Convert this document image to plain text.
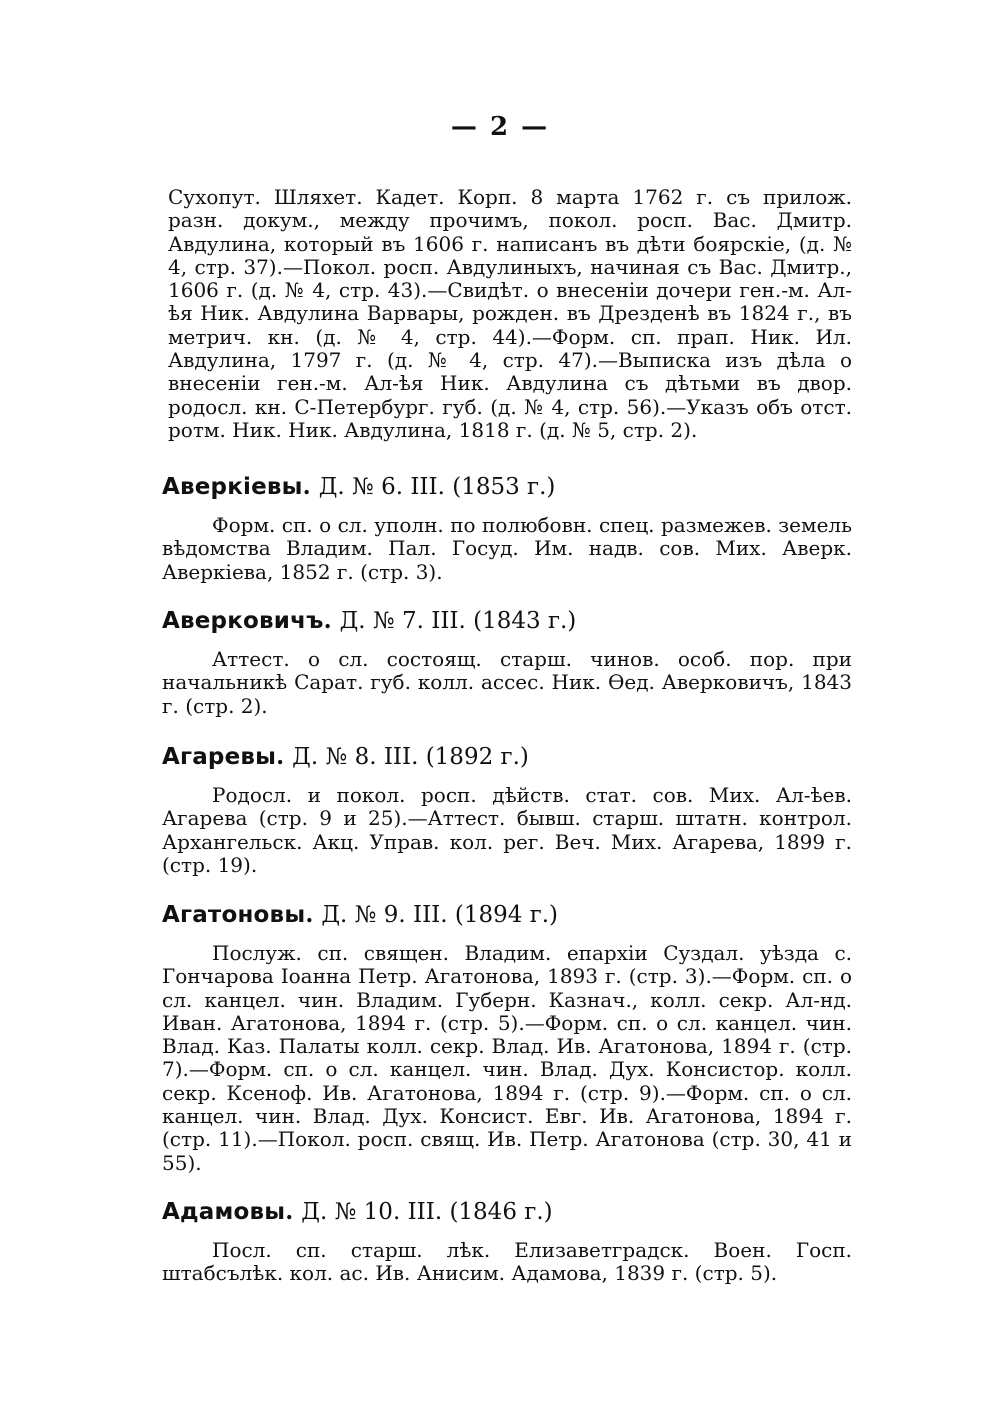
— 2 —

Сухопут. Шляхет. Кадет. Корп. 8 марта 1762 г. съ прилож. разн. докум., между прочимъ, покол. росп. Вас. Дмитр. Авдулина, который въ 1606 г. написанъ въ дѣти боярскіе, (д. № 4, стр. 37).—Покол. росп. Авдулиныхъ, начиная съ Вас. Дмитр., 1606 г. (д. № 4, стр. 43).—Свидѣт. о внесеніи дочери ген.-м. Ал-ѣя Ник. Авдулина Варвары, рожден. въ Дрезденѣ въ 1824 г., въ метрич. кн. (д. № 4, стр. 44).—Форм. сп. прап. Ник. Ил. Авдулина, 1797 г. (д. № 4, стр. 47).—Выписка изъ дѣла о внесеніи ген.-м. Ал-ѣя Ник. Авдулина съ дѣтьми въ двор. родосл. кн. С-Петербург. губ. (д. № 4, стр. 56).—Указъ объ отст. ротм. Ник. Ник. Авдулина, 1818 г. (д. № 5, стр. 2).

Аверкіевы. Д. № 6. III. (1853 г.)

Форм. сп. о сл. уполн. по полюбовн. спец. размежев. земель вѣдомства Владим. Пал. Госуд. Им. надв. сов. Мих. Аверк. Аверкіева, 1852 г. (стр. 3).

Аверковичъ. Д. № 7. III. (1843 г.)

Аттест. о сл. состоящ. старш. чинов. особ. пор. при начальникѣ Сарат. губ. колл. ассес. Ник. Ѳед. Аверковичъ, 1843 г. (стр. 2).

Агаревы. Д. № 8. III. (1892 г.)

Родосл. и покол. росп. дѣйств. стат. сов. Мих. Ал-ѣев. Агарева (стр. 9 и 25).—Аттест. бывш. старш. штатн. контрол. Архангельск. Акц. Управ. кол. рег. Веч. Мих. Агарева, 1899 г. (стр. 19).

Агатоновы. Д. № 9. III. (1894 г.)

Послуж. сп. священ. Владим. епархіи Суздал. уѣзда с. Гончарова Іоанна Петр. Агатонова, 1893 г. (стр. 3).—Форм. сп. о сл. канцел. чин. Владим. Губерн. Казнач., колл. секр. Ал-нд. Иван. Агатонова, 1894 г. (стр. 5).—Форм. сп. о сл. канцел. чин. Влад. Каз. Палаты колл. секр. Влад. Ив. Агатонова, 1894 г. (стр. 7).—Форм. сп. о сл. канцел. чин. Влад. Дух. Консистор. колл. секр. Ксеноф. Ив. Агатонова, 1894 г. (стр. 9).—Форм. сп. о сл. канцел. чин. Влад. Дух. Консист. Евг. Ив. Агатонова, 1894 г. (стр. 11).—Покол. росп. свящ. Ив. Петр. Агатонова (стр. 30, 41 и 55).

Адамовы. Д. № 10. III. (1846 г.)

Посл. сп. старш. лѣк. Елизаветградск. Воен. Госп. штабсълѣк. кол. ас. Ив. Анисим. Адамова, 1839 г. (стр. 5).
